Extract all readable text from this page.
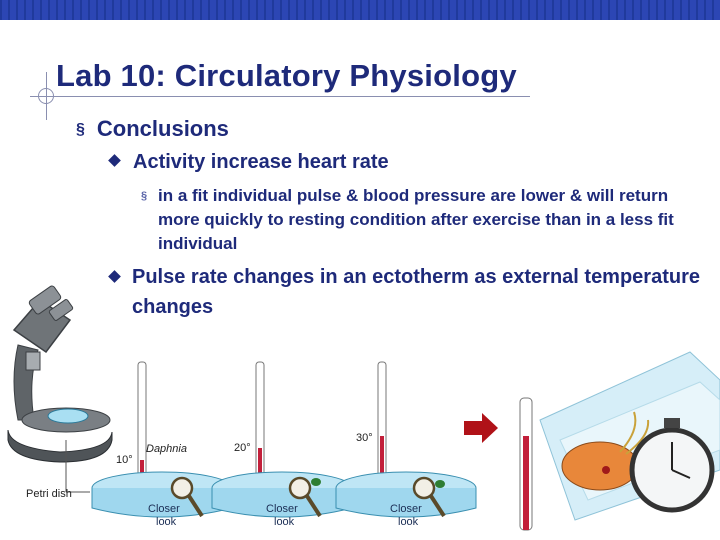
Lab 10: Circulatory Physiology
§ Conclusions
Activity increase heart rate
§ in a fit individual pulse & blood pressure are lower & will return more quickly to resting condition after exercise than in a less fit individual
Pulse rate changes in an ectotherm as external temperature changes
Petri dish
10°
Daphnia
Closer
look
20°
Closer
look
30°
Closer
look
